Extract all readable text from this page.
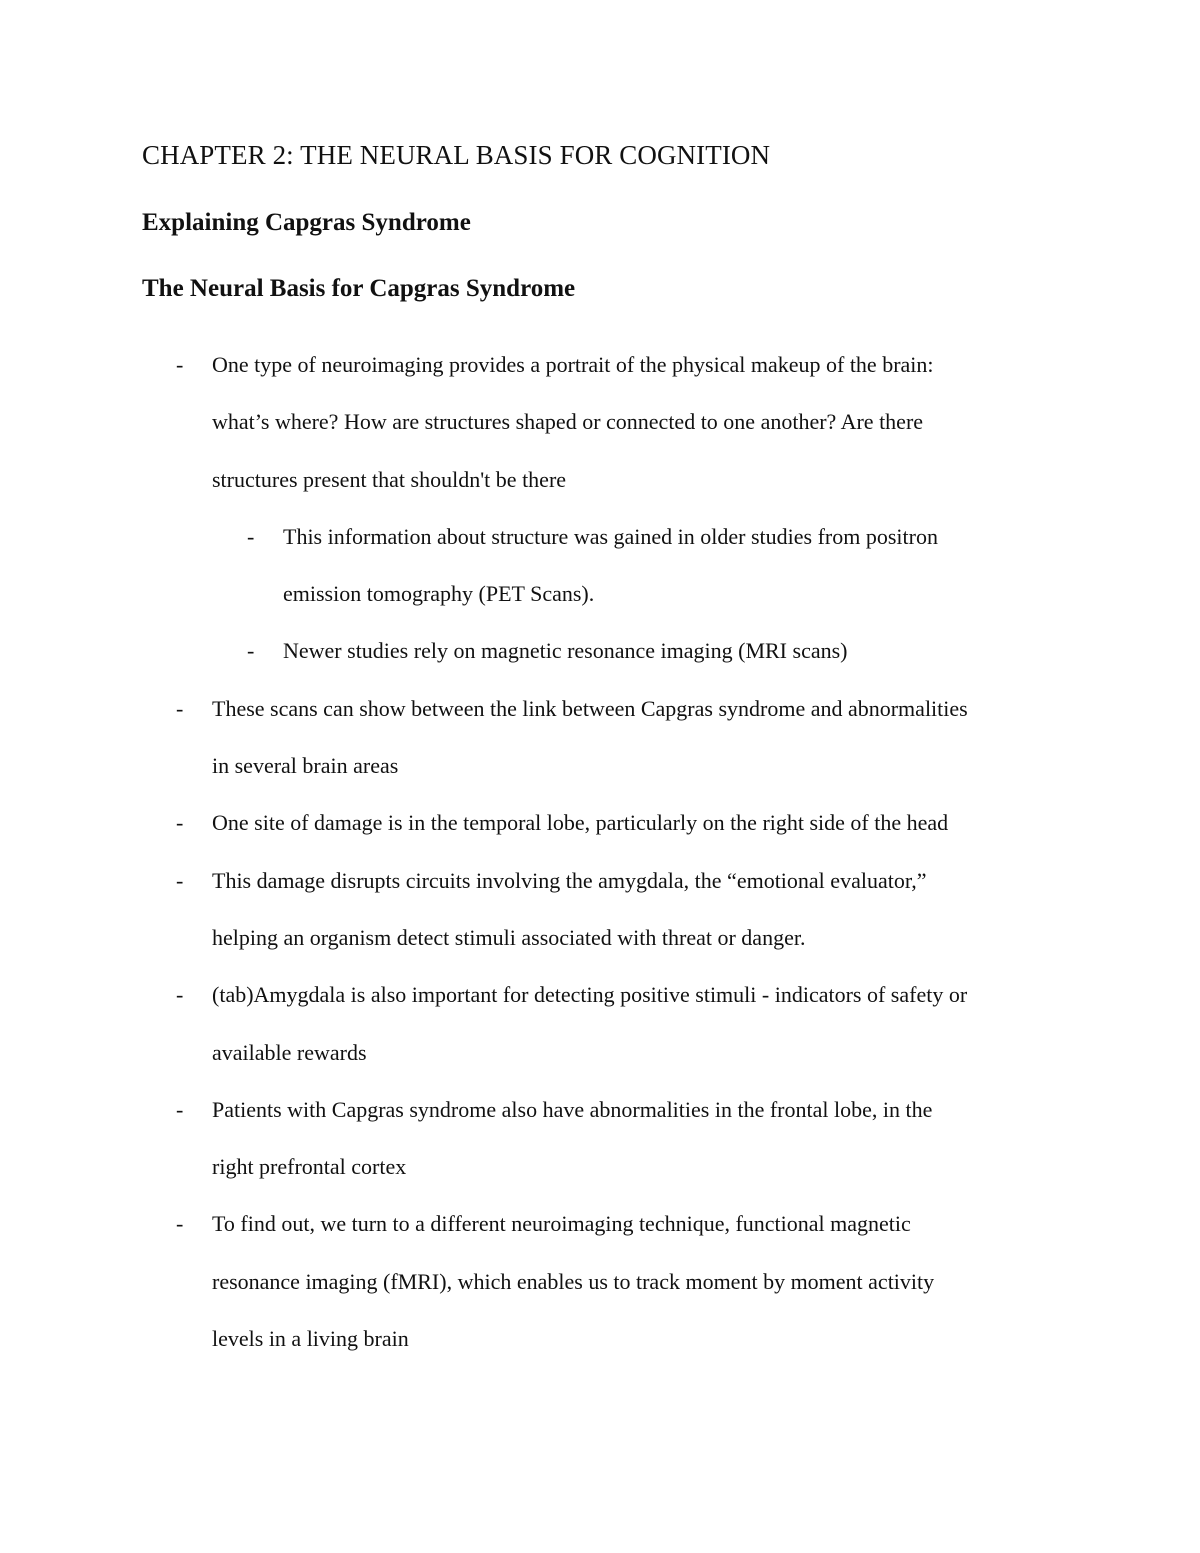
CHAPTER 2: THE NEURAL BASIS FOR COGNITION
Explaining Capgras Syndrome
The Neural Basis for Capgras Syndrome
- One type of neuroimaging provides a portrait of the physical makeup of the brain:
what’s where? How are structures shaped or connected to one another? Are there
structures present that shouldn't be there
- This information about structure was gained in older studies from positron
emission tomography (PET Scans).
- Newer studies rely on magnetic resonance imaging (MRI scans)
- These scans can show between the link between Capgras syndrome and abnormalities
in several brain areas
- One site of damage is in the temporal lobe, particularly on the right side of the head
- This damage disrupts circuits involving the amygdala, the “emotional evaluator,”
helping an organism detect stimuli associated with threat or danger.
- (tab)Amygdala is also important for detecting positive stimuli - indicators of safety or
available rewards
- Patients with Capgras syndrome also have abnormalities in the frontal lobe, in the
right prefrontal cortex
- To find out, we turn to a different neuroimaging technique, functional magnetic
resonance imaging (fMRI), which enables us to track moment by moment activity
levels in a living brain
